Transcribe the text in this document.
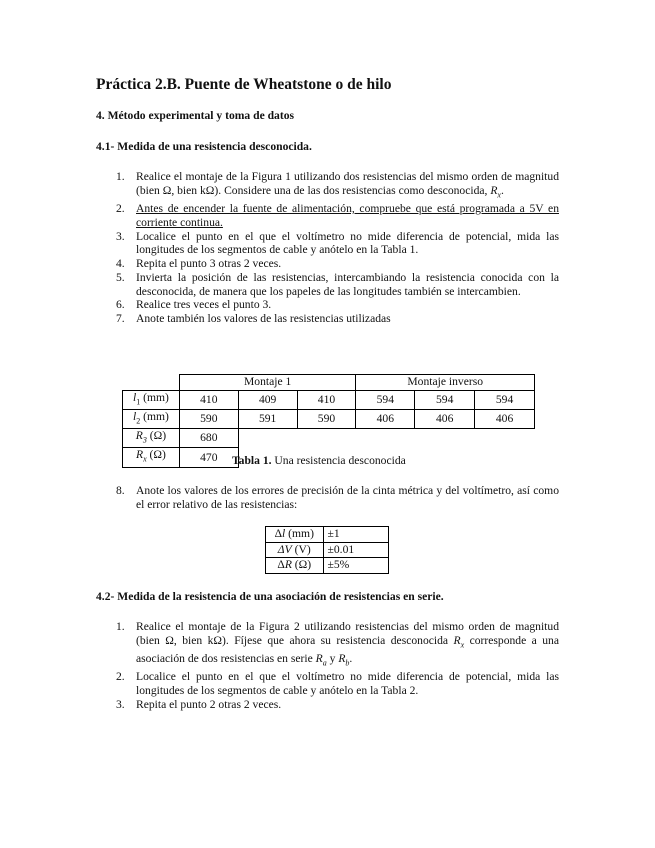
Práctica 2.B. Puente de Wheatstone o de hilo
4. Método experimental y toma de datos
4.1- Medida de una resistencia desconocida.
1. Realice el montaje de la Figura 1 utilizando dos resistencias del mismo orden de magnitud (bien Ω, bien kΩ). Considere una de las dos resistencias como desconocida, $R_x$.
2. Antes de encender la fuente de alimentación, compruebe que está programada a 5V en corriente continua.
3. Localice el punto en el que el voltímetro no mide diferencia de potencial, mida las longitudes de los segmentos de cable y anótelo en la Tabla 1.
4. Repita el punto 3 otras 2 veces.
5. Invierta la posición de las resistencias, intercambiando la resistencia conocida con la desconocida, de manera que los papeles de las longitudes también se intercambien.
6. Realice tres veces el punto 3.
7. Anote también los valores de las resistencias utilizadas
	Montaje 1			Montaje inverso		
$l_1$ (mm)	410	409	410	594	594	594
$l_2$ (mm)	590	591	590	406	406	406
$R_3$ (Ω)	680					
$R_x$ (Ω)	470					Tabla 1. Una resistencia desconocida
8. Anote los valores de los errores de precisión de la cinta métrica y del voltímetro, así como el error relativo de las resistencias:
Δl (mm)	±1
ΔV (V)	±0.01
ΔR (Ω)	±5%
4.2- Medida de la resistencia de una asociación de resistencias en serie.
1. Realice el montaje de la Figura 2 utilizando resistencias del mismo orden de magnitud (bien Ω, bien kΩ). Fíjese que ahora su resistencia desconocida $R_x$ corresponde a una asociación de dos resistencias en serie $R_a$ y $R_b$.
2. Localice el punto en el que el voltímetro no mide diferencia de potencial, mida las longitudes de los segmentos de cable y anótelo en la Tabla 2.
3. Repita el punto 2 otras 2 veces.
